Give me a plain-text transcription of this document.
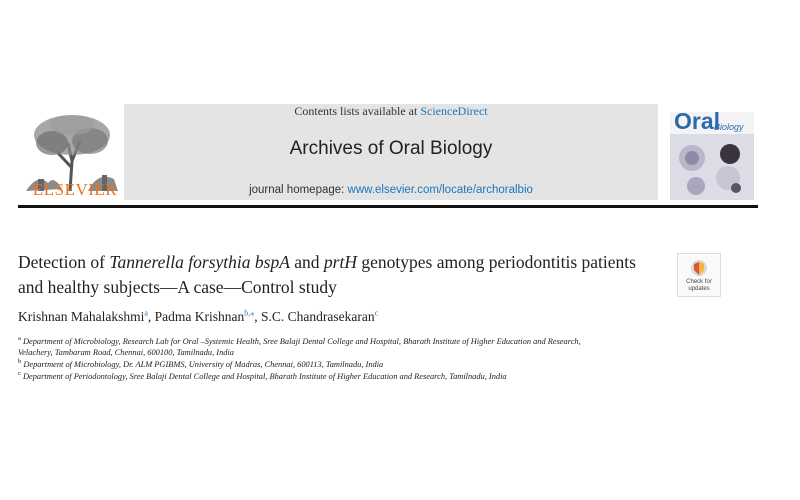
ELSEVIER
Contents lists available at ScienceDirect
Archives of Oral Biology
journal homepage: www.elsevier.com/locate/archoralbio
Oral
Biology
Detection of Tannerella forsythia bspA and prtH genotypes among periodontitis patients and healthy subjects—A case—Control study	Check for
updates
Krishnan Mahalakshmi$^a$, Padma Krishnan$^{b,⁎}$, S.C. Chandrasekaran$^c$
$^a$ Department of Microbiology, Research Lab for Oral –Systemic Health, Sree Balaji Dental College and Hospital, Bharath Institute of Higher Education and Research,
Velachery, Tambaram Road, Chennai, 600100, Tamilnadu, India
$^b$ Department of Microbiology, Dr. ALM PGIBMS, University of Madras, Chennai, 600113, Tamilnadu, India
$^c$ Department of Periodontology, Sree Balaji Dental College and Hospital, Bharath Institute of Higher Education and Research, Tamilnadu, India
